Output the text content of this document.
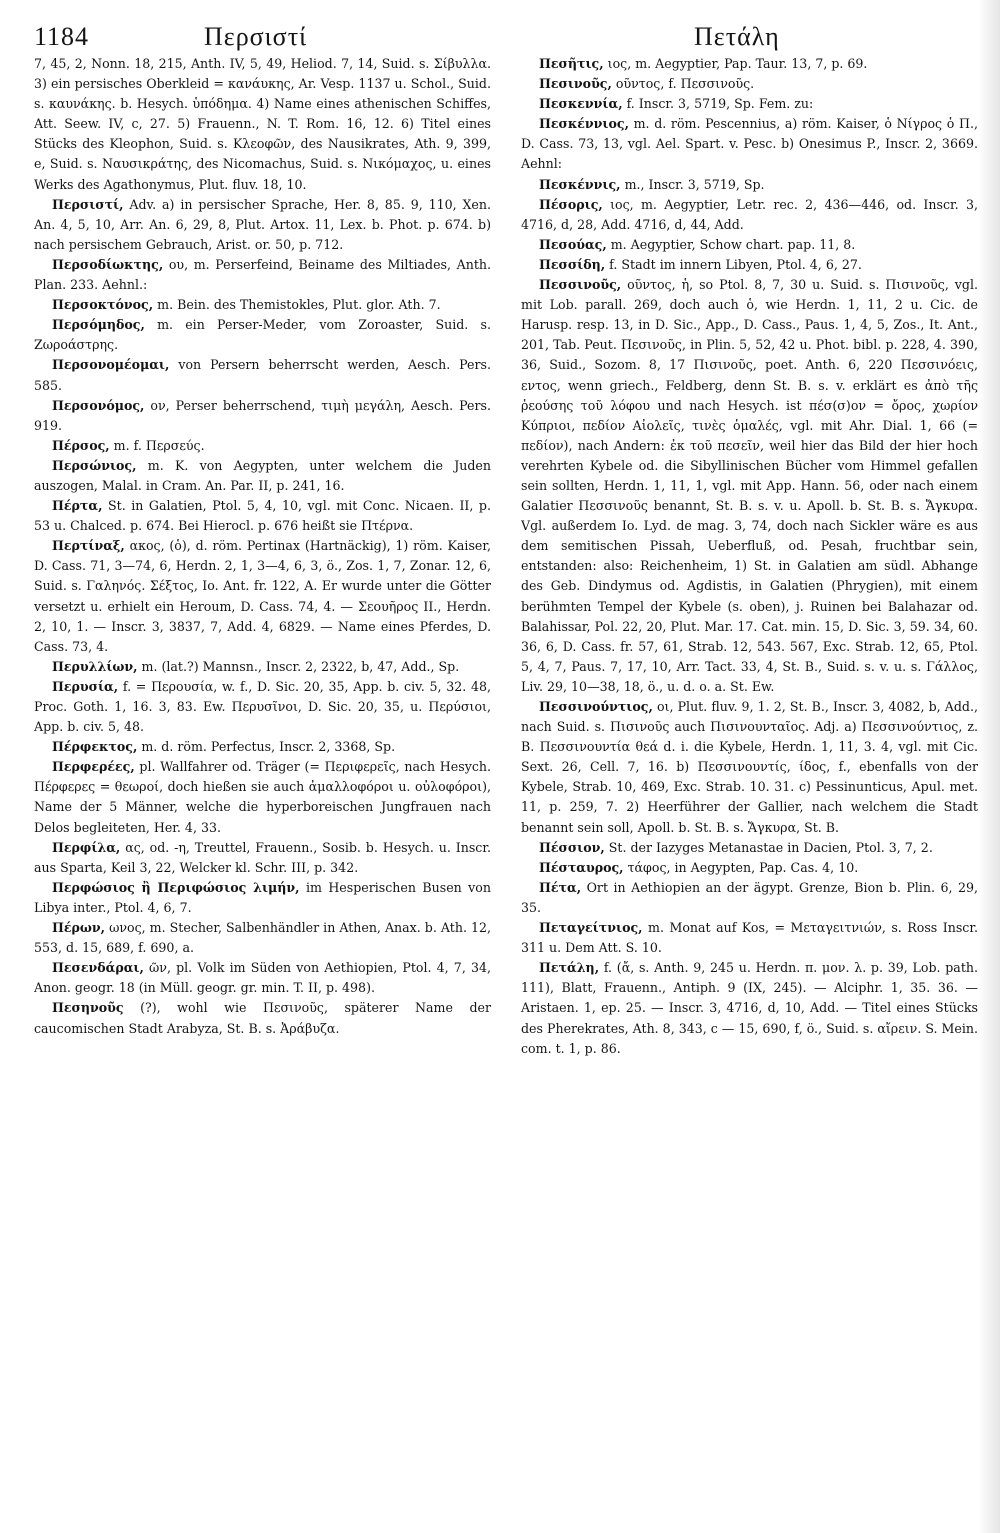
1184	Περσιστί	Πετάλη

7, 45, 2, Nonn. 18, 215, Anth. IV, 5, 49, Heliod. 7, 14, Suid. s. Σίβυλλα. 3) ein persisches Oberkleid = κανάυκης, Ar. Vesp. 1137 u. Schol., Suid. s. καυνάκης. b. Hesych. ὑπόδημα. 4) Name eines athenischen Schiffes, Att. Seew. IV, c, 27. 5) Frauenn., N. T. Rom. 16, 12. 6) Titel eines Stücks des Kleophon, Suid. s. Κλεοφῶν, des Nausikrates, Ath. 9, 399, e, Suid. s. Ναυσικράτης, des Nicomachus, Suid. s. Νικόμαχος, u. eines Werks des Agathonymus, Plut. fluv. 18, 10.

Περσιστί, Adv. a) in persischer Sprache, Her. 8, 85. 9, 110, Xen. An. 4, 5, 10, Arr. An. 6, 29, 8, Plut. Artox. 11, Lex. b. Phot. p. 674. b) nach persischem Gebrauch, Arist. or. 50, p. 712.

Περσοδίωκτης, ου, m. Perserfeind, Beiname des Miltiades, Anth. Plan. 233. Aehnl.:

Περσοκτόνος, m. Bein. des Themistokles, Plut. glor. Ath. 7.

Περσόμηδος, m. ein Perser-Meder, vom Zoroaster, Suid. s. Ζωροάστρης.

Περσονομέομαι, von Persern beherrscht werden, Aesch. Pers. 585.

Περσονόμος, ον, Perser beherrschend, τιμὴ μεγάλη, Aesch. Pers. 919.

Πέρσος, m. f. Περσεύς.

Περσώνιος, m. K. von Aegypten, unter welchem die Juden auszogen, Malal. in Cram. An. Par. II, p. 241, 16.

Πέρτα, St. in Galatien, Ptol. 5, 4, 10, vgl. mit Conc. Nicaen. II, p. 53 u. Chalced. p. 674. Bei Hierocl. p. 676 heißt sie Πτέρνα.

Περτίναξ, ακος, (ὁ), d. röm. Pertinax (Hartnäckig), 1) röm. Kaiser, D. Cass. 71, 3—74, 6, Herdn. 2, 1, 3—4, 6, 3, ö., Zos. 1, 7, Zonar. 12, 6, Suid. s. Γαληνός. Σέξτος, Io. Ant. fr. 122, A. Er wurde unter die Götter versetzt u. erhielt ein Heroum, D. Cass. 74, 4. — Σεουῆρος II., Herdn. 2, 10, 1. — Inscr. 3, 3837, 7, Add. 4, 6829. — Name eines Pferdes, D. Cass. 73, 4.

Περυλλίων, m. (lat.?) Mannsn., Inscr. 2, 2322, b, 47, Add., Sp.

Περυσία, f. = Περουσία, w. f., D. Sic. 20, 35, App. b. civ. 5, 32. 48, Proc. Goth. 1, 16. 3, 83. Ew. Περυσῖνοι, D. Sic. 20, 35, u. Περύσιοι, App. b. civ. 5, 48.

Πέρφεκτος, m. d. röm. Perfectus, Inscr. 2, 3368, Sp.

Περφερέες, pl. Wallfahrer od. Träger (= Περιφερεῖς, nach Hesych. Πέρφερες = θεωροί, doch hießen sie auch ἀμαλλοφόροι u. οὐλοφόροι), Name der 5 Männer, welche die hyperboreischen Jungfrauen nach Delos begleiteten, Her. 4, 33.

Περφίλα, ας, od. -η, Treuttel, Frauenn., Sosib. b. Hesych. u. Inscr. aus Sparta, Keil 3, 22, Welcker kl. Schr. III, p. 342.

Περφώσιος ἢ Περιφώσιος λιμήν, im Hesperischen Busen von Libya inter., Ptol. 4, 6, 7.

Πέρων, ωνος, m. Stecher, Salbenhändler in Athen, Anax. b. Ath. 12, 553, d. 15, 689, f. 690, a.

Πεσενδάραι, ῶν, pl. Volk im Süden von Aethiopien, Ptol. 4, 7, 34, Anon. geogr. 18 (in Müll. geogr. gr. min. T. II, p. 498).

Πεσηνοῦς (?), wohl wie Πεσινοῦς, späterer Name der caucomischen Stadt Arabyza, St. B. s. Ἀράβυζα.

Πεσῆτις, ιος, m. Aegyptier, Pap. Taur. 13, 7, p. 69.

Πεσινοῦς, οῦντος, f. Πεσσινοῦς.

Πεσκεννία, f. Inscr. 3, 5719, Sp. Fem. zu:

Πεσκέννιος, m. d. röm. Pescennius, a) röm. Kaiser, ὁ Νίγρος ὁ Π., D. Cass. 73, 13, vgl. Ael. Spart. v. Pesc. b) Onesimus P., Inscr. 2, 3669. Aehnl:

Πεσκέννις, m., Inscr. 3, 5719, Sp.

Πέσορις, ιος, m. Aegyptier, Letr. rec. 2, 436—446, od. Inscr. 3, 4716, d, 28, Add. 4716, d, 44, Add.

Πεσούας, m. Aegyptier, Schow chart. pap. 11, 8.

Πεσσίδη, f. Stadt im innern Libyen, Ptol. 4, 6, 27.

Πεσσινοῦς, οῦντος, ἡ, so Ptol. 8, 7, 30 u. Suid. s. Πισινοῦς, vgl. mit Lob. parall. 269, doch auch ὁ, wie Herdn. 1, 11, 2 u. Cic. de Harusp. resp. 13, in D. Sic., App., D. Cass., Paus. 1, 4, 5, Zos., It. Ant., 201, Tab. Peut. Πεσινοῦς, in Plin. 5, 52, 42 u. Phot. bibl. p. 228, 4. 390, 36, Suid., Sozom. 8, 17 Πισινοῦς, poet. Anth. 6, 220 Πεσσινόεις, εντος, wenn griech., Feldberg, denn St. B. s. v. erklärt es ἀπὸ τῆς ῥεούσης τοῦ λόφου und nach Hesych. ist πέσ(σ)ον = ὄρος, χωρίον Κύπριοι, πεδίον Αἰολεῖς, τινὲς ὁμαλές, vgl. mit Ahr. Dial. 1, 66 (= πεδίον), nach Andern: ἐκ τοῦ πεσεῖν, weil hier das Bild der hier hoch verehrten Kybele od. die Sibyllinischen Bücher vom Himmel gefallen sein sollten, Herdn. 1, 11, 1, vgl. mit App. Hann. 56, oder nach einem Galatier Πεσσινοῦς benannt, St. B. s. v. u. Apoll. b. St. B. s. Ἄγκυρα. Vgl. außerdem Io. Lyd. de mag. 3, 74, doch nach Sickler wäre es aus dem semitischen Pissah, Ueberfluß, od. Pesah, fruchtbar sein, entstanden: also: Reichenheim, 1) St. in Galatien am südl. Abhange des Geb. Dindymus od. Agdistis, in Galatien (Phrygien), mit einem berühmten Tempel der Kybele (s. oben), j. Ruinen bei Balahazar od. Balahissar, Pol. 22, 20, Plut. Mar. 17. Cat. min. 15, D. Sic. 3, 59. 34, 60. 36, 6, D. Cass. fr. 57, 61, Strab. 12, 543. 567, Exc. Strab. 12, 65, Ptol. 5, 4, 7, Paus. 7, 17, 10, Arr. Tact. 33, 4, St. B., Suid. s. v. u. s. Γάλλος, Liv. 29, 10—38, 18, ö., u. d. o. a. St. Ew.

Πεσσινούντιος, οι, Plut. fluv. 9, 1. 2, St. B., Inscr. 3, 4082, b, Add., nach Suid. s. Πισινοῦς auch Πισινουνταῖος. Adj. a) Πεσσινούντιος, z. B. Πεσσινουντία θεά d. i. die Kybele, Herdn. 1, 11, 3. 4, vgl. mit Cic. Sext. 26, Cell. 7, 16. b) Πεσσινουντίς, ίδος, f., ebenfalls von der Kybele, Strab. 10, 469, Exc. Strab. 10. 31. c) Pessinunticus, Apul. met. 11, p. 259, 7. 2) Heerführer der Gallier, nach welchem die Stadt benannt sein soll, Apoll. b. St. B. s. Ἄγκυρα, St. B.

Πέσσιον, St. der Iazyges Metanastae in Dacien, Ptol. 3, 7, 2.

Πέσταυρος, τάφος, in Aegypten, Pap. Cas. 4, 10.

Πέτα, Ort in Aethiopien an der ägypt. Grenze, Bion b. Plin. 6, 29, 35.

Πεταγείτνιος, m. Monat auf Kos, = Μεταγειτνιών, s. Ross Inscr. 311 u. Dem Att. S. 10.

Πετάλη, f. (ἄ, s. Anth. 9, 245 u. Herdn. π. μον. λ. p. 39, Lob. path. 111), Blatt, Frauenn., Antiph. 9 (IX, 245). — Alciphr. 1, 35. 36. — Aristaen. 1, ep. 25. — Inscr. 3, 4716, d, 10, Add. — Titel eines Stücks des Pherekrates, Ath. 8, 343, c — 15, 690, f, ö., Suid. s. αἴρειν. S. Mein. com. t. 1, p. 86.
